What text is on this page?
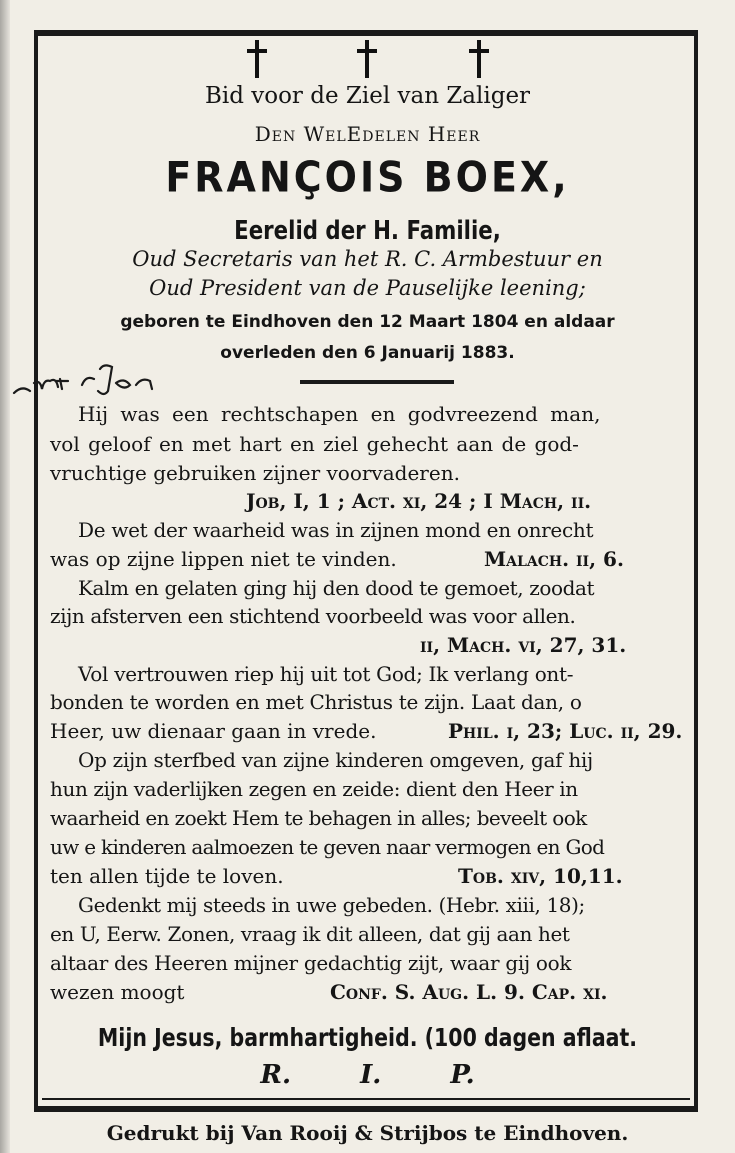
Bid voor de Ziel van Zaliger
Den WelEdelen Heer
FRANÇOIS BOEX,
Eerelid der H. Familie,
Oud Secretaris van het R. C. Armbestuur en
Oud President van de Pauselijke leening;
geboren te Eindhoven den 12 Maart 1804 en aldaar
overleden den 6 Januarij 1883.
Hij was een rechtschapen en godvreezend man,
vol geloof en met hart en ziel gehecht aan de god-
vruchtige gebruiken zijner voorvaderen.
Job, I, 1 ; Act. xi, 24 ; I Mach, ii.
De wet der waarheid was in zijnen mond en onrecht
was op zijne lippen niet te vinden.	Malach. ii, 6.
Kalm en gelaten ging hij den dood te gemoet, zoodat
zijn afsterven een stichtend voorbeeld was voor allen.
ii, Mach. vi, 27, 31.
Vol vertrouwen riep hij uit tot God; Ik verlang ont-
bonden te worden en met Christus te zijn. Laat dan, o
Heer, uw dienaar gaan in vrede.	Phil. i, 23; Luc. ii, 29.
Op zijn sterfbed van zijne kinderen omgeven, gaf hij
hun zijn vaderlijken zegen en zeide: dient den Heer in
waarheid en zoekt Hem te behagen in alles; beveelt ook
uw e kinderen aalmoezen te geven naar vermogen en God
ten allen tijde te loven.	Tob. xiv, 10,11.
Gedenkt mij steeds in uwe gebeden. (Hebr. xiii, 18);
en U, Eerw. Zonen, vraag ik dit alleen, dat gij aan het
altaar des Heeren mijner gedachtig zijt, waar gij ook
wezen moogt	Conf. S. Aug. L. 9. Cap. xi.
Mijn Jesus, barmhartigheid. (100 dagen aflaat.
R. I. P.
Gedrukt bij Van Rooij & Strijbos te Eindhoven.
